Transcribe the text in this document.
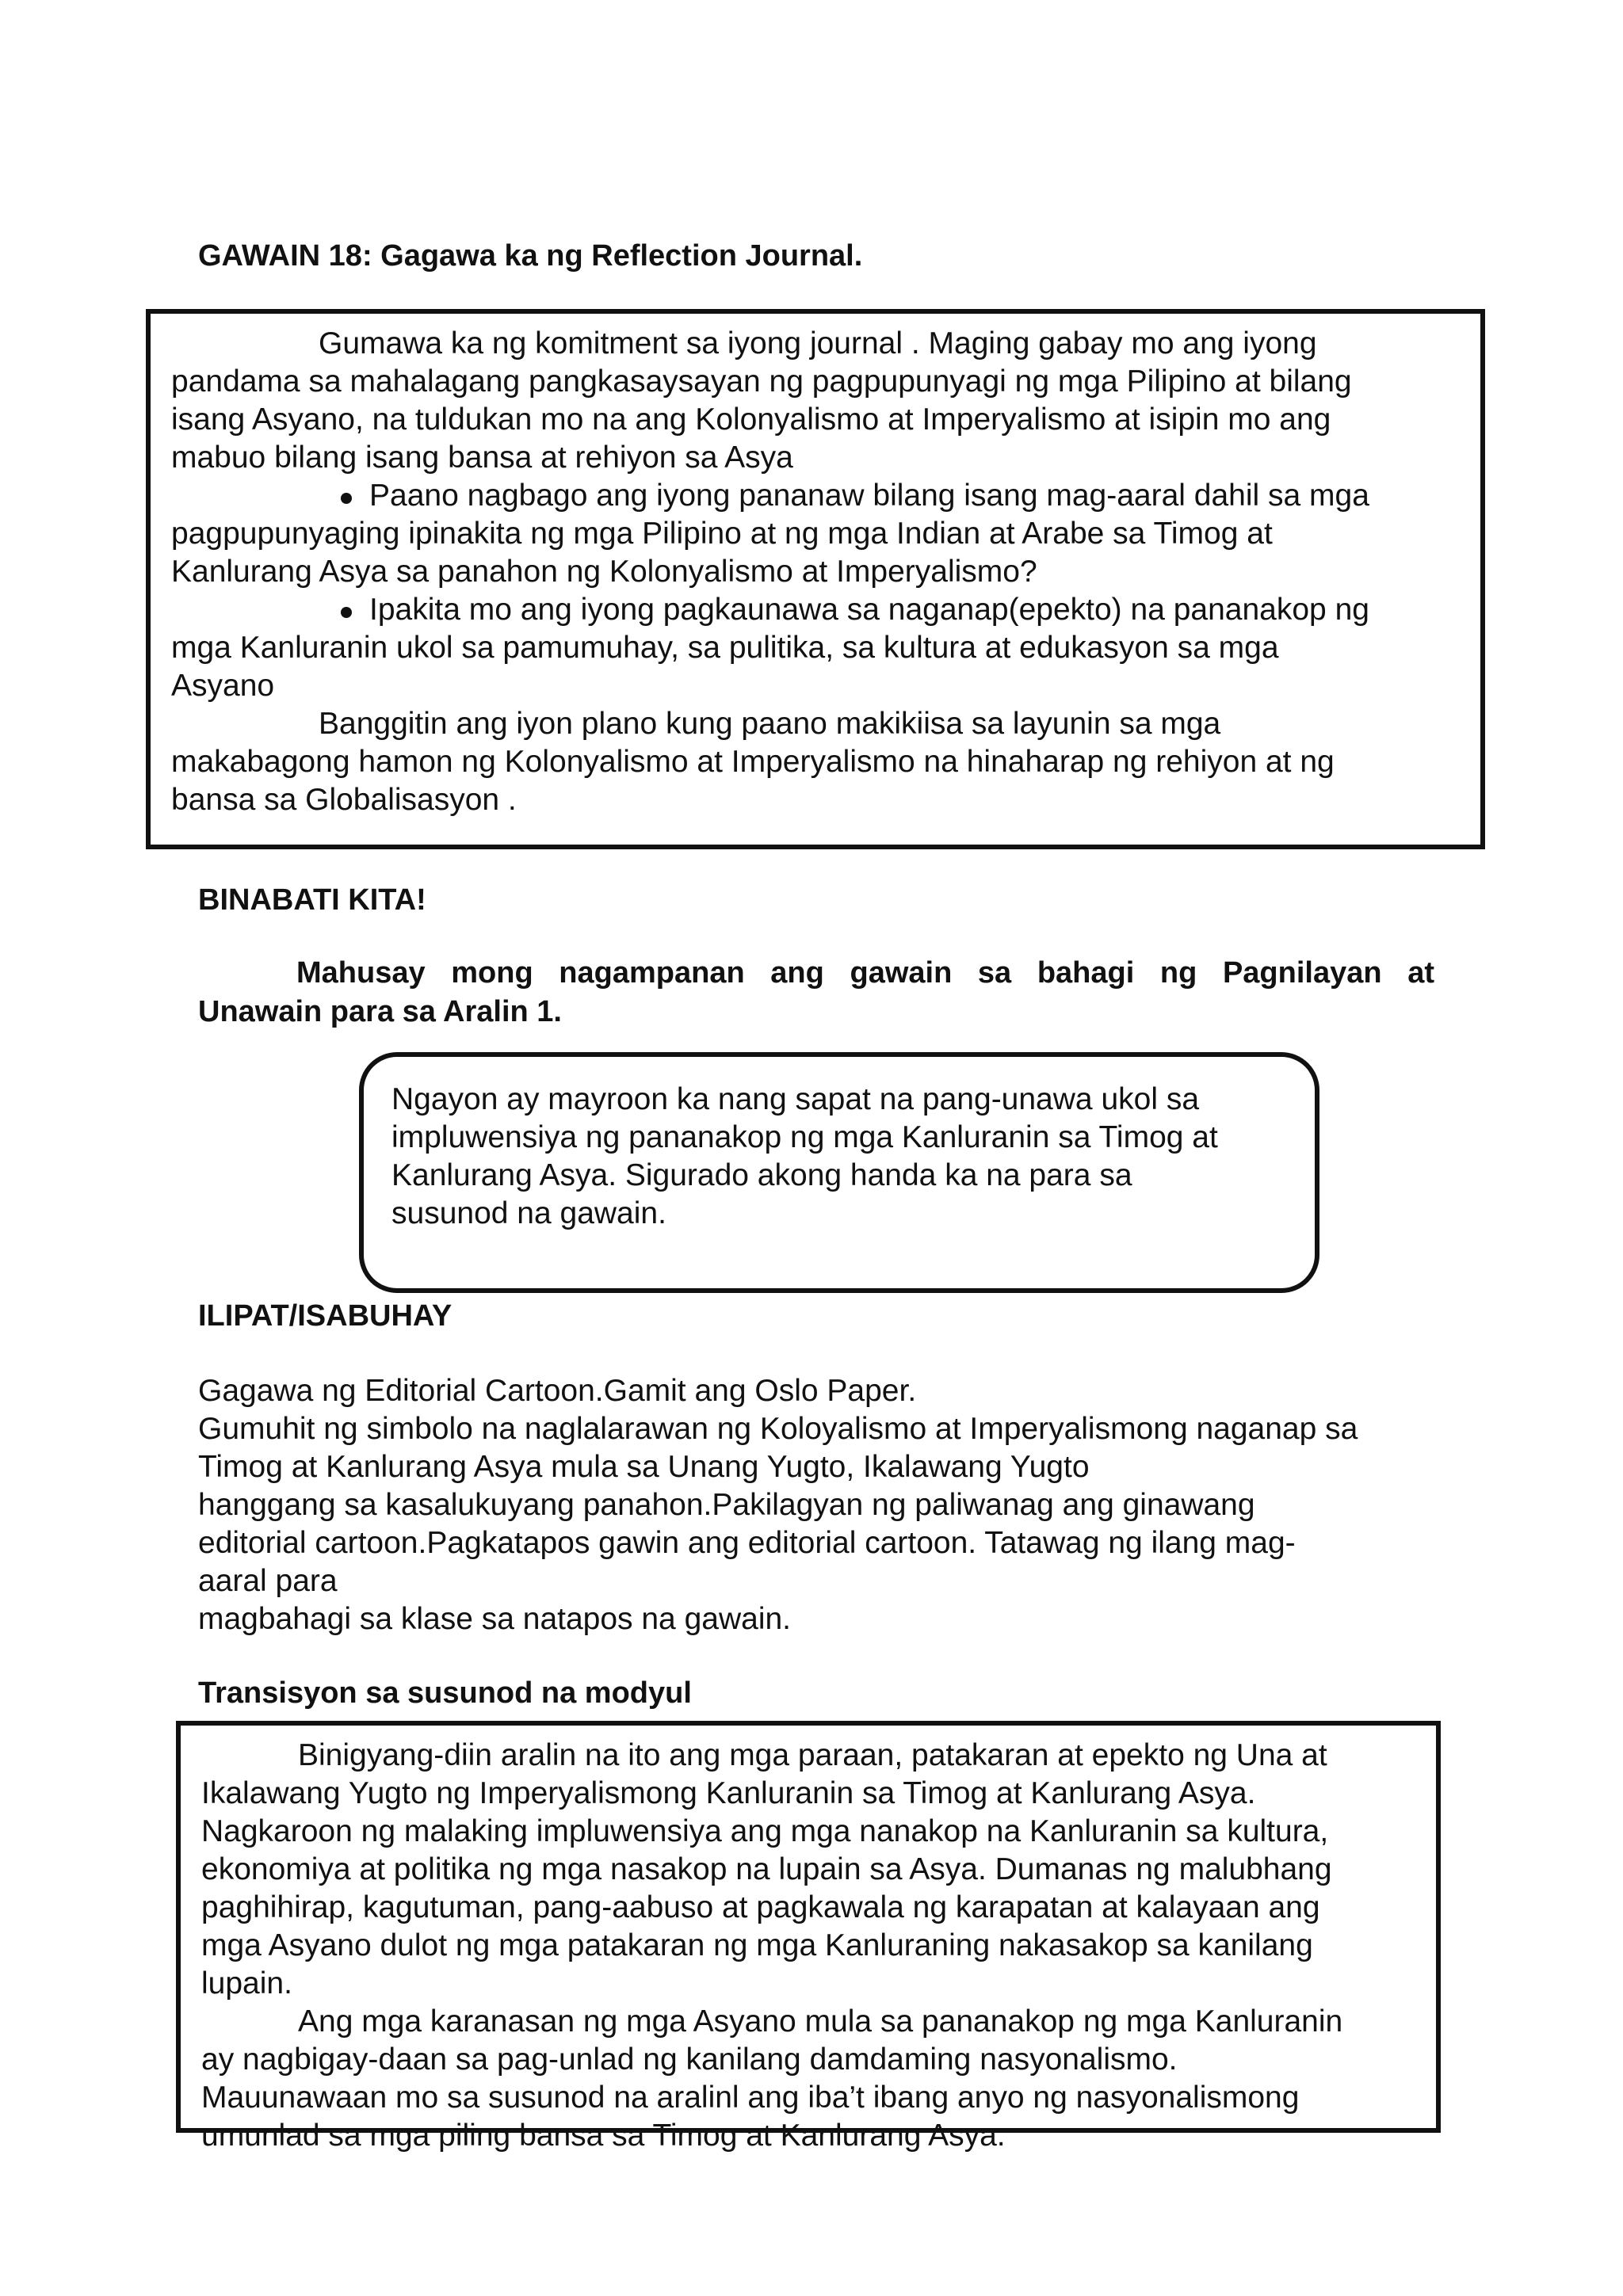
GAWAIN 18: Gagawa ka ng Reflection Journal.
Gumawa ka ng komitment sa iyong journal . Maging gabay mo ang iyong
pandama sa mahalagang pangkasaysayan ng pagpupunyagi ng mga Pilipino at bilang
isang Asyano, na tuldukan mo na ang Kolonyalismo at Imperyalismo at isipin mo ang
mabuo bilang isang bansa at rehiyon sa Asya
Paano nagbago ang iyong pananaw bilang isang mag-aaral dahil sa mga
pagpupunyaging ipinakita ng mga Pilipino at ng mga Indian at Arabe sa Timog at
Kanlurang Asya sa panahon ng Kolonyalismo at Imperyalismo?
Ipakita mo ang iyong pagkaunawa sa naganap(epekto) na pananakop ng
mga Kanluranin ukol sa pamumuhay, sa pulitika, sa kultura at edukasyon sa mga
Asyano
Banggitin ang iyon plano kung paano makikiisa sa layunin sa mga
makabagong hamon ng Kolonyalismo at Imperyalismo na hinaharap ng rehiyon at ng
bansa sa Globalisasyon .
BINABATI KITA!
Mahusay mong nagampanan ang gawain sa bahagi ng Pagnilayan at
Unawain para sa Aralin 1.
Ngayon ay mayroon ka nang sapat na pang-unawa ukol sa
impluwensiya ng pananakop ng mga Kanluranin sa Timog at
Kanlurang Asya. Sigurado akong handa ka na para sa
susunod na gawain.
ILIPAT/ISABUHAY
Gagawa ng Editorial Cartoon.Gamit ang Oslo Paper.
Gumuhit ng simbolo na naglalarawan ng Koloyalismo at Imperyalismong naganap sa
Timog at Kanlurang Asya mula sa Unang Yugto, Ikalawang Yugto
hanggang sa kasalukuyang panahon.Pakilagyan ng paliwanag ang ginawang
editorial cartoon.Pagkatapos gawin ang editorial cartoon. Tatawag ng ilang mag-
aaral para
magbahagi sa klase sa natapos na gawain.
Transisyon sa susunod na modyul
Binigyang-diin aralin na ito ang mga paraan, patakaran at epekto ng Una at
Ikalawang Yugto ng Imperyalismong Kanluranin sa Timog at Kanlurang Asya.
Nagkaroon ng malaking impluwensiya ang mga nanakop na Kanluranin sa kultura,
ekonomiya at politika ng mga nasakop na lupain sa Asya. Dumanas ng malubhang
paghihirap, kagutuman, pang-aabuso at pagkawala ng karapatan at kalayaan ang
mga Asyano dulot ng mga patakaran ng mga Kanluraning nakasakop sa kanilang
lupain.
Ang mga karanasan ng mga Asyano mula sa pananakop ng mga Kanluranin
ay nagbigay-daan sa pag-unlad ng kanilang damdaming nasyonalismo.
Mauunawaan mo sa susunod na aralinl ang iba’t ibang anyo ng nasyonalismong
umunlad sa mga piling bansa sa Timog at Kanlurang Asya.
